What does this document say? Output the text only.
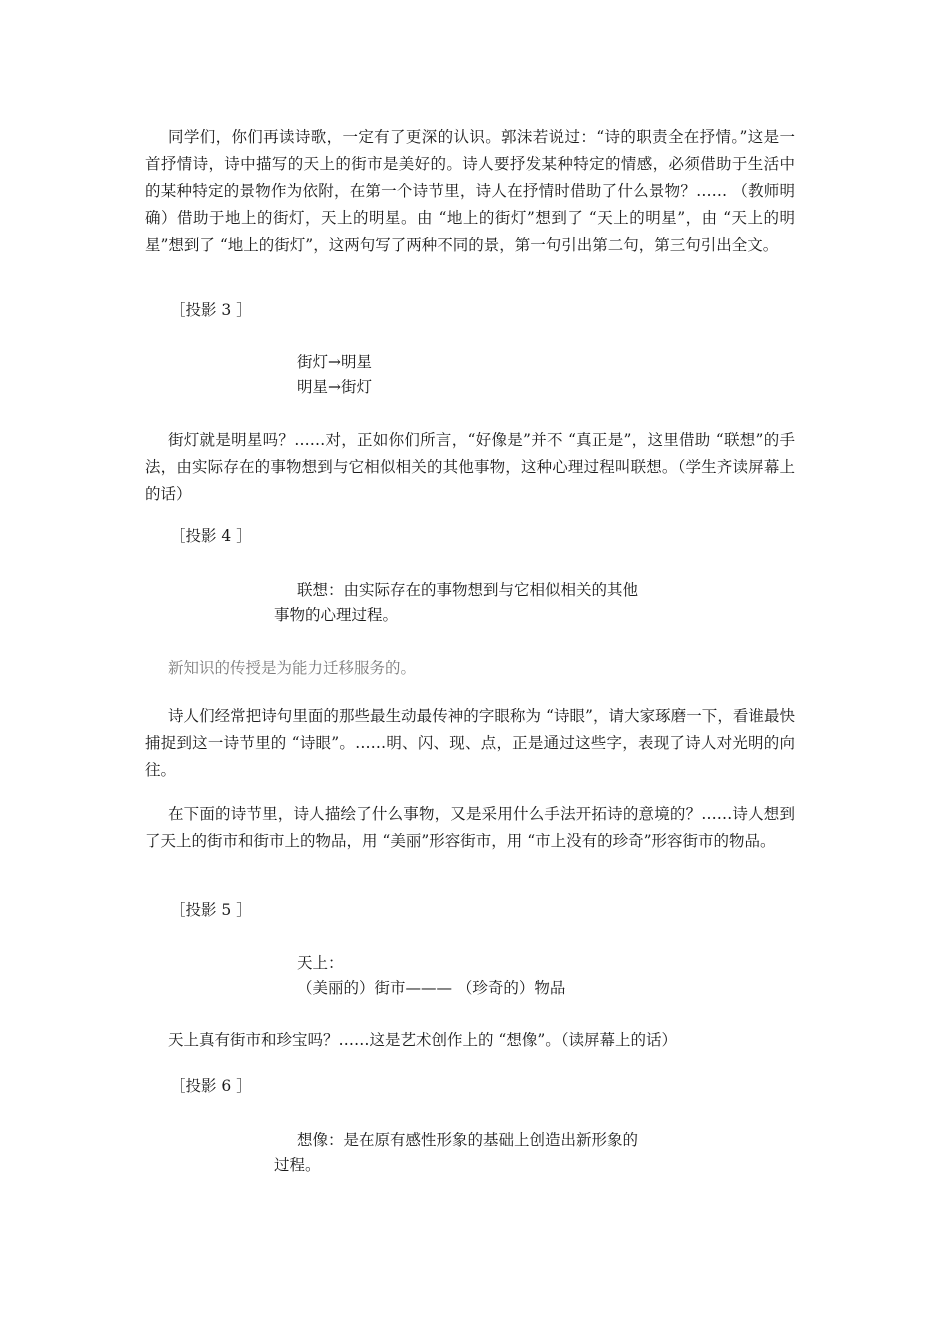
同学们，你们再读诗歌，一定有了更深的认识。郭沫若说过：“诗的职责全在抒情。”这是一首抒情诗，诗中描写的天上的街市是美好的。诗人要抒发某种特定的情感，必须借助于生活中的某种特定的景物作为依附，在第一个诗节里，诗人在抒情时借助了什么景物？…… （教师明确）借助于地上的街灯，天上的明星。由 “地上的街灯”想到了 “天上的明星”，由 “天上的明星”想到了 “地上的街灯”，这两句写了两种不同的景，第一句引出第二句，第三句引出全文。

［投影 3 ］

街灯→明星

明星→街灯

街灯就是明星吗？……对，正如你们所言，“好像是”并不 “真正是”，这里借助 “联想”的手法，由实际存在的事物想到与它相似相关的其他事物，这种心理过程叫联想。（学生齐读屏幕上的话）

［投影 4 ］

联想：由实际存在的事物想到与它相似相关的其他

事物的心理过程。

新知识的传授是为能力迁移服务的。

诗人们经常把诗句里面的那些最生动最传神的字眼称为 “诗眼”，请大家琢磨一下，看谁最快捕捉到这一诗节里的 “诗眼”。……明、闪、现、点，正是通过这些字，表现了诗人对光明的向往。

在下面的诗节里，诗人描绘了什么事物，又是采用什么手法开拓诗的意境的？……诗人想到了天上的街市和街市上的物品，用 “美丽”形容街市，用 “市上没有的珍奇”形容街市的物品。

［投影 5 ］

天上：

（美丽的）街市——— （珍奇的）物品

天上真有街市和珍宝吗？……这是艺术创作上的 “想像”。（读屏幕上的话）

［投影 6 ］

想像：是在原有感性形象的基础上创造出新形象的

过程。
